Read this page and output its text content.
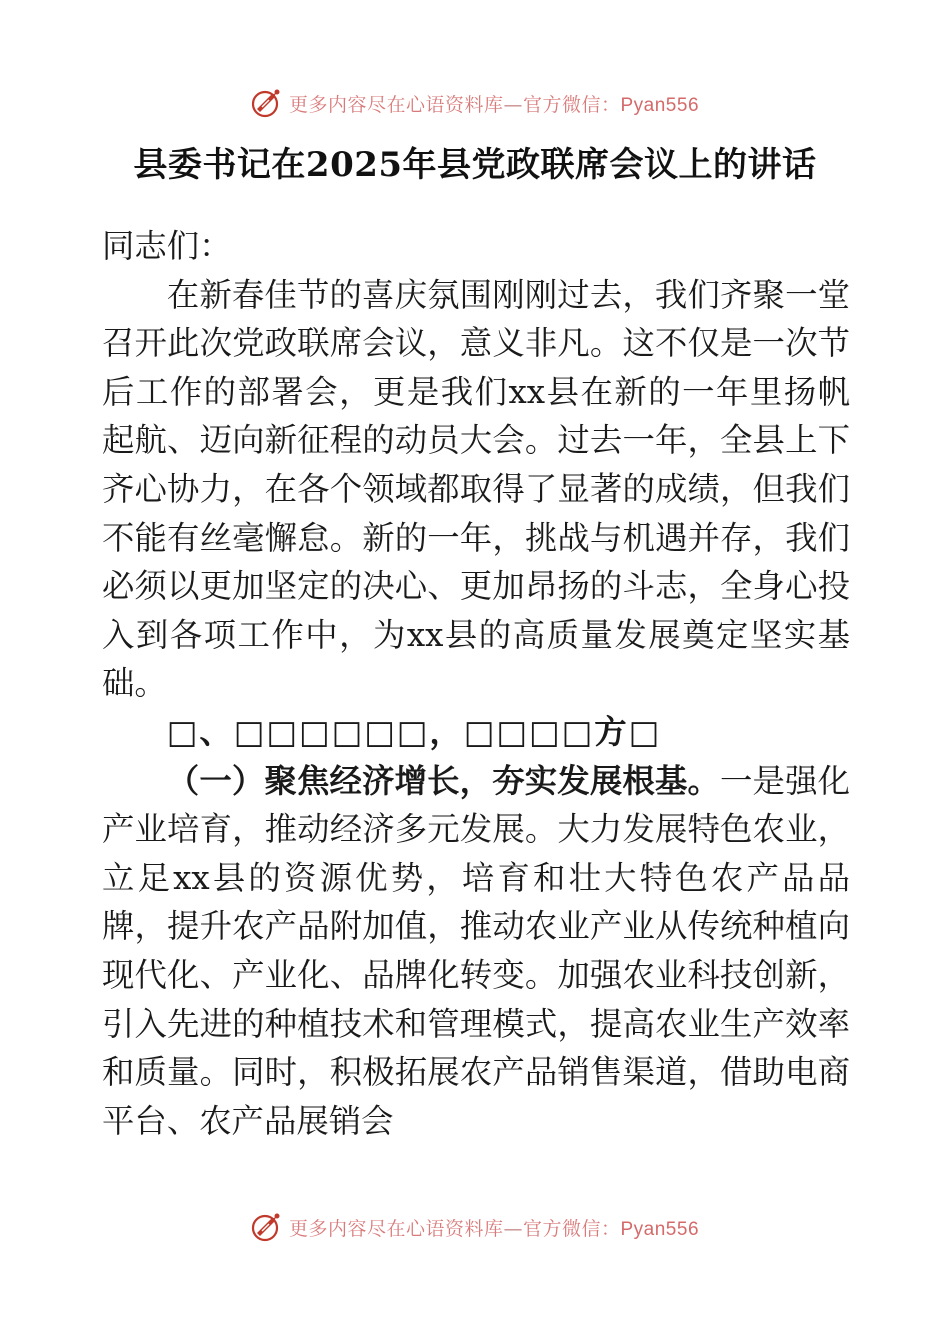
更多内容尽在心语资料库—官方微信：Pyan556
县委书记在2025年县党政联席会议上的讲话

同志们：

在新春佳节的喜庆氛围刚刚过去，我们齐聚一堂召开此次党政联席会议，意义非凡。这不仅是一次节后工作的部署会，更是我们xx县在新的一年里扬帆起航、迈向新征程的动员大会。过去一年，全县上下齐心协力，在各个领域都取得了显著的成绩，但我们不能有丝毫懈怠。新的一年，挑战与机遇并存，我们必须以更加坚定的决心、更加昂扬的斗志，全身心投入到各项工作中，为xx县的高质量发展奠定坚实基础。

□、□□□□□□，□□□□方□

（一）聚焦经济增长，夯实发展根基。一是强化产业培育，推动经济多元发展。大力发展特色农业，立足xx县的资源优势，培育和壮大特色农产品品牌，提升农产品附加值，推动农业产业从传统种植向现代化、产业化、品牌化转变。加强农业科技创新，引入先进的种植技术和管理模式，提高农业生产效率和质量。同时，积极拓展农产品销售渠道，借助电商平台、农产品展销会

更多内容尽在心语资料库—官方微信：Pyan556
